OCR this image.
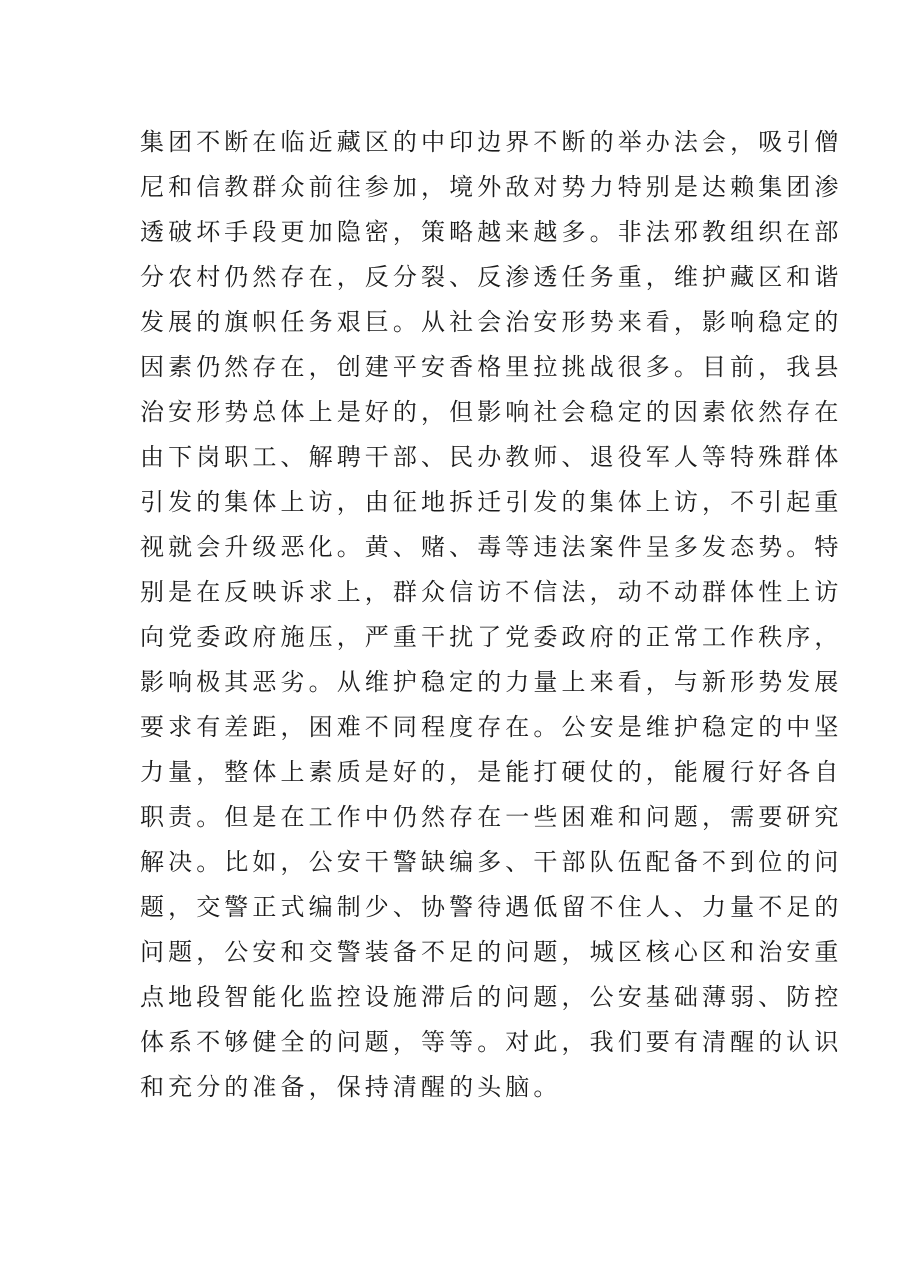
集团不断在临近藏区的中印边界不断的举办法会，吸引僧
尼和信教群众前往参加，境外敌对势力特别是达赖集团渗
透破坏手段更加隐密，策略越来越多。非法邪教组织在部
分农村仍然存在，反分裂、反渗透任务重，维护藏区和谐
发展的旗帜任务艰巨。从社会治安形势来看，影响稳定的
因素仍然存在，创建平安香格里拉挑战很多。目前，我县
治安形势总体上是好的，但影响社会稳定的因素依然存在
由下岗职工、解聘干部、民办教师、退役军人等特殊群体
引发的集体上访，由征地拆迁引发的集体上访，不引起重
视就会升级恶化。黄、赌、毒等违法案件呈多发态势。特
别是在反映诉求上，群众信访不信法，动不动群体性上访
向党委政府施压，严重干扰了党委政府的正常工作秩序，
影响极其恶劣。从维护稳定的力量上来看，与新形势发展
要求有差距，困难不同程度存在。公安是维护稳定的中坚
力量，整体上素质是好的，是能打硬仗的，能履行好各自
职责。但是在工作中仍然存在一些困难和问题，需要研究
解决。比如，公安干警缺编多、干部队伍配备不到位的问
题，交警正式编制少、协警待遇低留不住人、力量不足的
问题，公安和交警装备不足的问题，城区核心区和治安重
点地段智能化监控设施滞后的问题，公安基础薄弱、防控
体系不够健全的问题，等等。对此，我们要有清醒的认识
和充分的准备，保持清醒的头脑。
